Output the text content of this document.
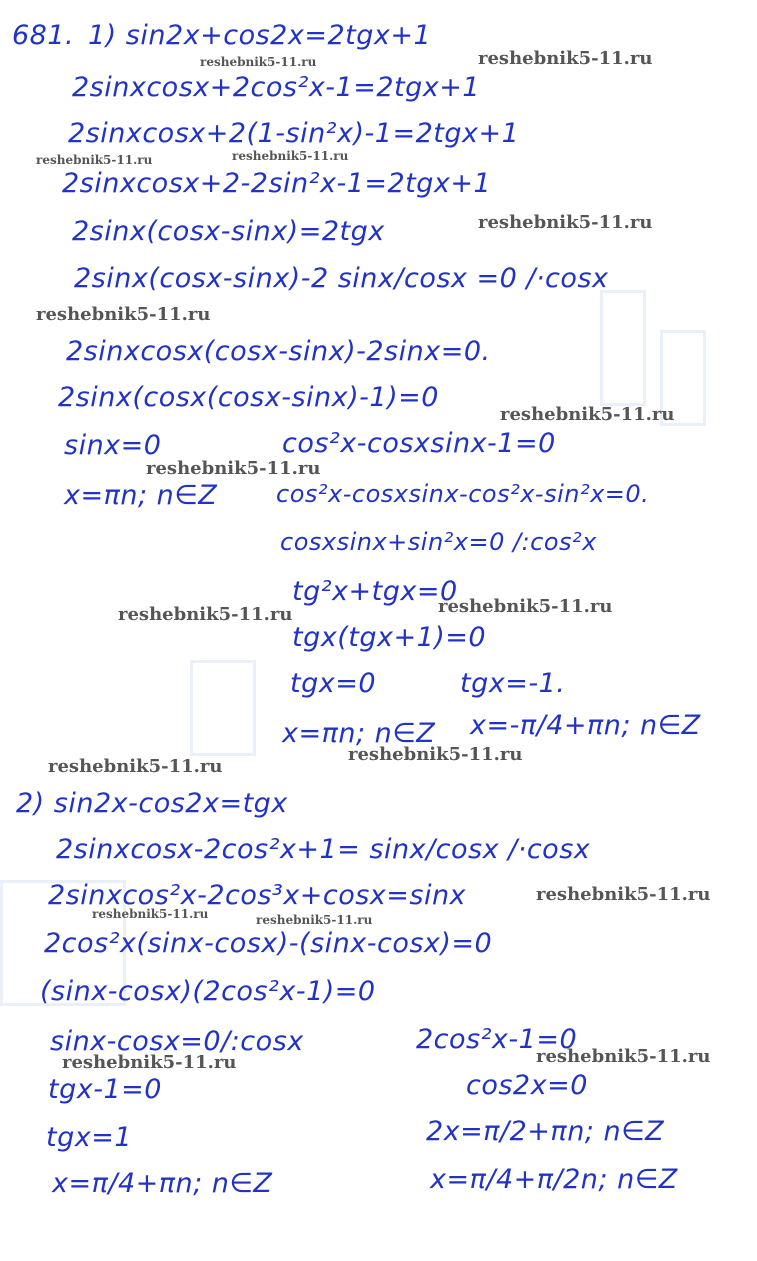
681. 1) sin2x+cos2x=2tgx+1
2sinxcosx+2cos²x-1=2tgx+1
2sinxcosx+2(1-sin²x)-1=2tgx+1
2sinxcosx+2-2sin²x-1=2tgx+1
2sinx(cosx-sinx)=2tgx
2sinx(cosx-sinx)-2 sinx/cosx =0 /·cosx
2sinxcosx(cosx-sinx)-2sinx=0.
2sinx(cosx(cosx-sinx)-1)=0
sinx=0	cos²x-cosxsinx-1=0
x=πn; n∈Z cos²x-cosxsinx-cos²x-sin²x=0.
cosxsinx+sin²x=0 /:cos²x
tg²x+tgx=0
tgx(tgx+1)=0
tgx=0	tgx=-1.
x=πn; n∈Z x=-π/4+πn; n∈Z
2) sin2x-cos2x=tgx
2sinxcosx-2cos²x+1= sinx/cosx /·cosx
2sinxcos²x-2cos³x+cosx=sinx
2cos²x(sinx-cosx)-(sinx-cosx)=0
(sinx-cosx)(2cos²x-1)=0
sinx-cosx=0/:cosx	2cos²x-1=0
tgx-1=0	cos2x=0
tgx=1	2x=π/2+πn; n∈Z
x=π/4+πn; n∈Z	x=π/4+π/2n; n∈Z
reshebnik5-11.ru
reshebnik5-11.ru
reshebnik5-11.ru	reshebnik5-11.ru
reshebnik5-11.ru
reshebnik5-11.ru
reshebnik5-11.ru
reshebnik5-11.ru
reshebnik5-11.ru
reshebnik5-11.ru
reshebnik5-11.ru
reshebnik5-11.ru
reshebnik5-11.ru
reshebnik5-11.ru	reshebnik5-11.ru
reshebnik5-11.ru	reshebnik5-11.ru
